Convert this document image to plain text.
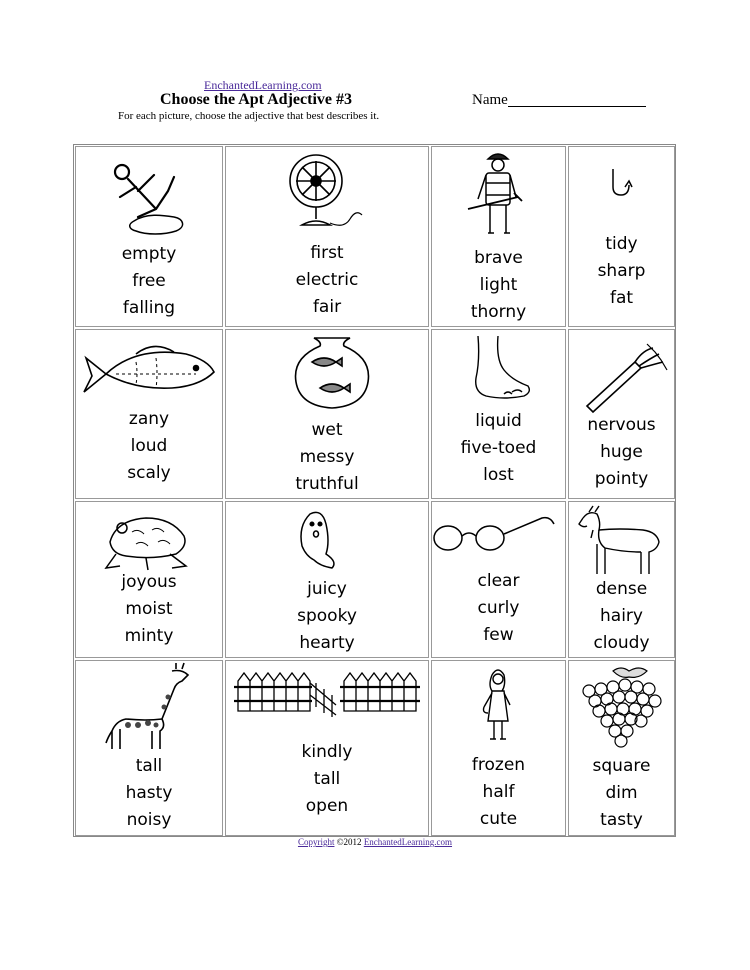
EnchantedLearning.com
Choose the Apt Adjective #3	Name
For each picture, choose the adjective that best describes it.
empty
free
falling
first
electric
fair
brave
light
thorny
tidy
sharp
fat
zany
loud
scaly
wet
messy
truthful
liquid
five-toed
lost
nervous
huge
pointy
joyous
moist
minty
juicy
spooky
hearty
clear
curly
few
dense
hairy
cloudy
tall
hasty
noisy
kindly
tall
open
frozen
half
cute
square
dim
tasty
Copyright ©2012 EnchantedLearning.com
